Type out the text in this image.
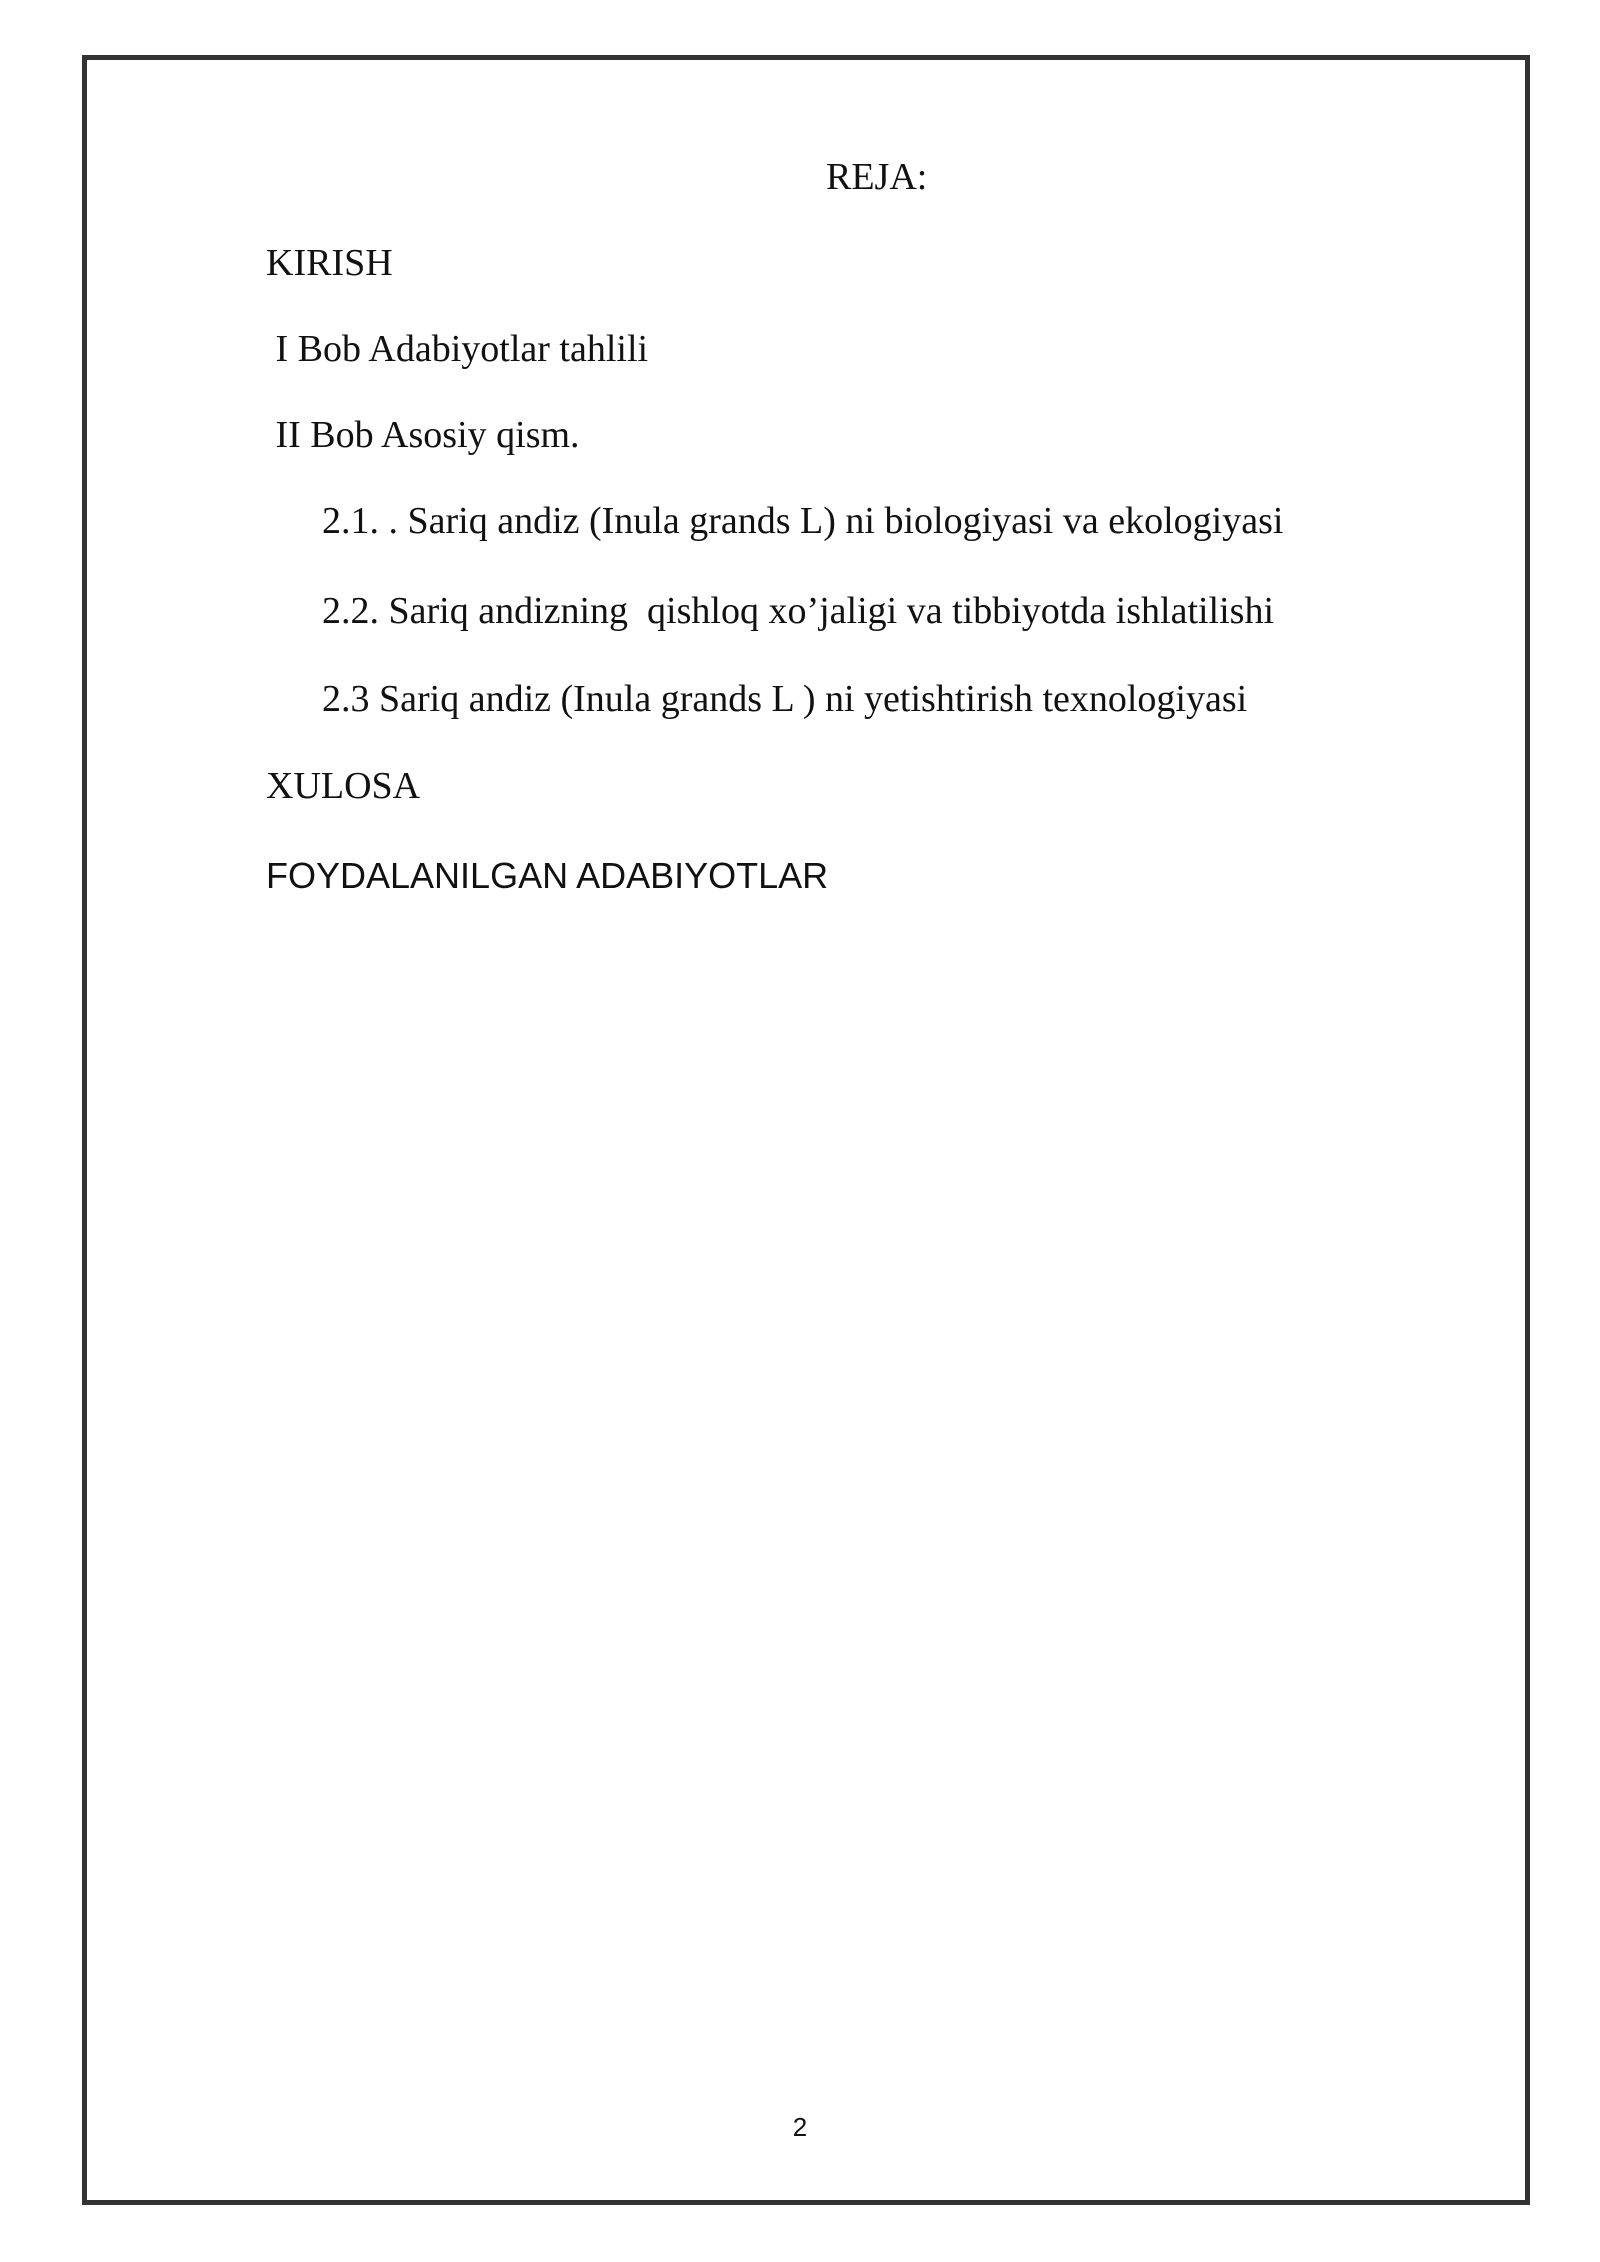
REJA:
KIRISH
I Bob Adabiyotlar tahlili
II Bob Asosiy qism.
2.1. . Sariq andiz (Inula grands L) ni biologiyasi va ekologiyasi
2.2. Sariq andizning  qishloq xo’jaligi va tibbiyotda ishlatilishi
2.3 Sariq andiz (Inula grands L ) ni yetishtirish texnologiyasi
XULOSA
FOYDALANILGAN ADABIYOTLAR
2
